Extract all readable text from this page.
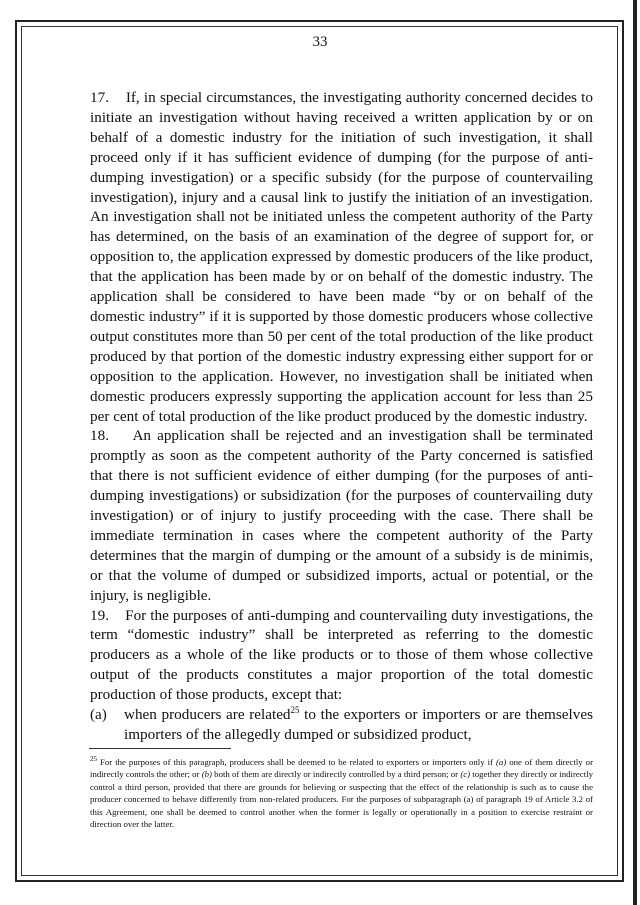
33

17.    If, in special circumstances, the investigating authority concerned decides to initiate an investigation without having received a written application by or on behalf of a domestic industry for the initiation of such investigation, it shall proceed only if it has sufficient evidence of dumping (for the purpose of anti-dumping investigation) or a specific subsidy (for the purpose of countervailing investigation), injury and a causal link to justify the initiation of an investigation. An investigation shall not be initiated unless the competent authority of the Party has determined, on the basis of an examination of the degree of support for, or opposition to, the application expressed by domestic producers of the like product, that the application has been made by or on behalf of the domestic industry. The application shall be considered to have been made “by or on behalf of the domestic industry” if it is supported by those domestic producers whose collective output constitutes more than 50 per cent of the total production of the like product produced by that portion of the domestic industry expressing either support for or opposition to the application. However, no investigation shall be initiated when domestic producers expressly supporting the application account for less than 25 per cent of total production of the like product produced by the domestic industry.

18.    An application shall be rejected and an investigation shall be terminated promptly as soon as the competent authority of the Party concerned is satisfied that there is not sufficient evidence of either dumping (for the purposes of anti-dumping investigations) or subsidization (for the purposes of countervailing duty investigation) or of injury to justify proceeding with the case. There shall be immediate termination in cases where the competent authority of the Party determines that the margin of dumping or the amount of a subsidy is de minimis, or that the volume of dumped or subsidized imports, actual or potential, or the injury, is negligible.

19.    For the purposes of anti-dumping and countervailing duty investigations, the term “domestic industry” shall be interpreted as referring to the domestic producers as a whole of the like products or to those of them whose collective output of the products constitutes a major proportion of the total domestic production of those products, except that:

(a) when producers are related$^{25}$ to the exporters or importers or are themselves importers of the allegedly dumped or subsidized product,

$^{25}$ For the purposes of this paragraph, producers shall be deemed to be related to exporters or importers only if (a) one of them directly or indirectly controls the other; or (b) both of them are directly or indirectly controlled by a third person; or (c) together they directly or indirectly control a third person, provided that there are grounds for believing or suspecting that the effect of the relationship is such as to cause the producer concerned to behave differently from non-related producers. For the purposes of subparagraph (a) of paragraph 19 of Article 3.2 of this Agreement, one shall be deemed to control another when the former is legally or operationally in a position to exercise restraint or direction over the latter.
